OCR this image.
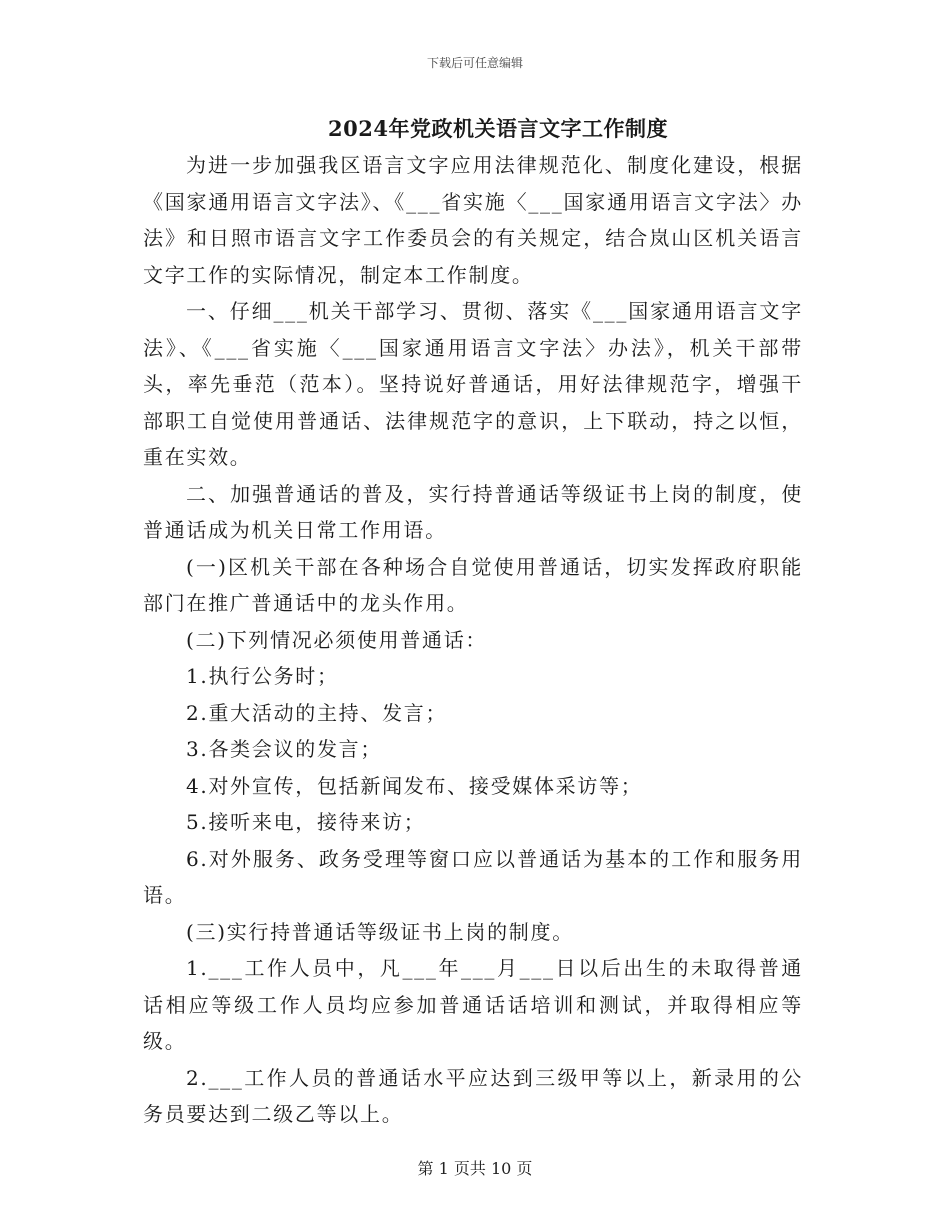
下载后可任意编辑
2024年党政机关语言文字工作制度

为进一步加强我区语言文字应用法律规范化、制度化建设，根据《国家通用语言文字法》、《___省实施〈___国家通用语言文字法〉办法》和日照市语言文字工作委员会的有关规定，结合岚山区机关语言文字工作的实际情况，制定本工作制度。

一、仔细___机关干部学习、贯彻、落实《___国家通用语言文字法》、《___省实施〈___国家通用语言文字法〉办法》，机关干部带头，率先垂范（范本）。坚持说好普通话，用好法律规范字，增强干部职工自觉使用普通话、法律规范字的意识，上下联动，持之以恒，重在实效。

二、加强普通话的普及，实行持普通话等级证书上岗的制度，使普通话成为机关日常工作用语。

(一)区机关干部在各种场合自觉使用普通话，切实发挥政府职能部门在推广普通话中的龙头作用。

(二)下列情况必须使用普通话：

1.执行公务时；

2.重大活动的主持、发言；

3.各类会议的发言；

4.对外宣传，包括新闻发布、接受媒体采访等；

5.接听来电，接待来访；

6.对外服务、政务受理等窗口应以普通话为基本的工作和服务用语。

(三)实行持普通话等级证书上岗的制度。

1.___工作人员中，凡___年___月___日以后出生的未取得普通话相应等级工作人员均应参加普通话话培训和测试，并取得相应等级。

2.___工作人员的普通话水平应达到三级甲等以上，新录用的公务员要达到二级乙等以上。

第 1 页共 10 页
